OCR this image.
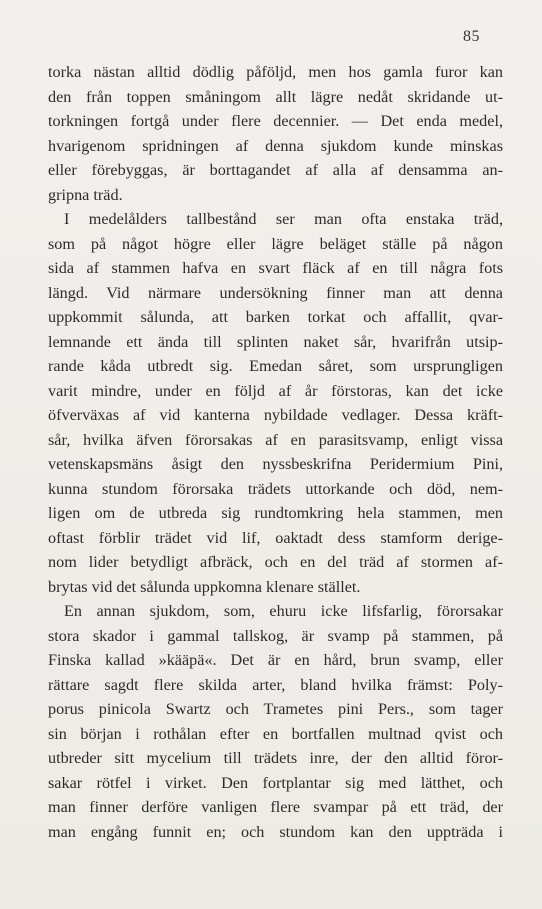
85
torka nästan alltid dödlig påföljd, men hos gamla furor kan
den från toppen småningom allt lägre nedåt skridande ut-
torkningen fortgå under flere decennier. — Det enda medel,
hvarigenom spridningen af denna sjukdom kunde minskas
eller förebyggas, är borttagandet af alla af densamma an-
gripna träd.
I medelålders tallbestånd ser man ofta enstaka träd,
som på något högre eller lägre beläget ställe på någon
sida af stammen hafva en svart fläck af en till några fots
längd. Vid närmare undersökning finner man att denna
uppkommit sålunda, att barken torkat och affallit, qvar-
lemnande ett ända till splinten naket sår, hvarifrån utsip-
rande kåda utbredt sig. Emedan såret, som ursprungligen
varit mindre, under en följd af år förstoras, kan det icke
öfverväxas af vid kanterna nybildade vedlager. Dessa kräft-
sår, hvilka äfven förorsakas af en parasitsvamp, enligt vissa
vetenskapsmäns åsigt den nyssbeskrifna Peridermium Pini,
kunna stundom förorsaka trädets uttorkande och död, nem-
ligen om de utbreda sig rundtomkring hela stammen, men
oftast förblir trädet vid lif, oaktadt dess stamform derige-
nom lider betydligt afbräck, och en del träd af stormen af-
brytas vid det sålunda uppkomna klenare stället.
En annan sjukdom, som, ehuru icke lifsfarlig, förorsakar
stora skador i gammal tallskog, är svamp på stammen, på
Finska kallad »kääpä«. Det är en hård, brun svamp, eller
rättare sagdt flere skilda arter, bland hvilka främst: Poly-
porus pinicola Swartz och Trametes pini Pers., som tager
sin början i rothålan efter en bortfallen multnad qvist och
utbreder sitt mycelium till trädets inre, der den alltid föror-
sakar rötfel i virket. Den fortplantar sig med lätthet, och
man finner derföre vanligen flere svampar på ett träd, der
man engång funnit en; och stundom kan den uppträda i
